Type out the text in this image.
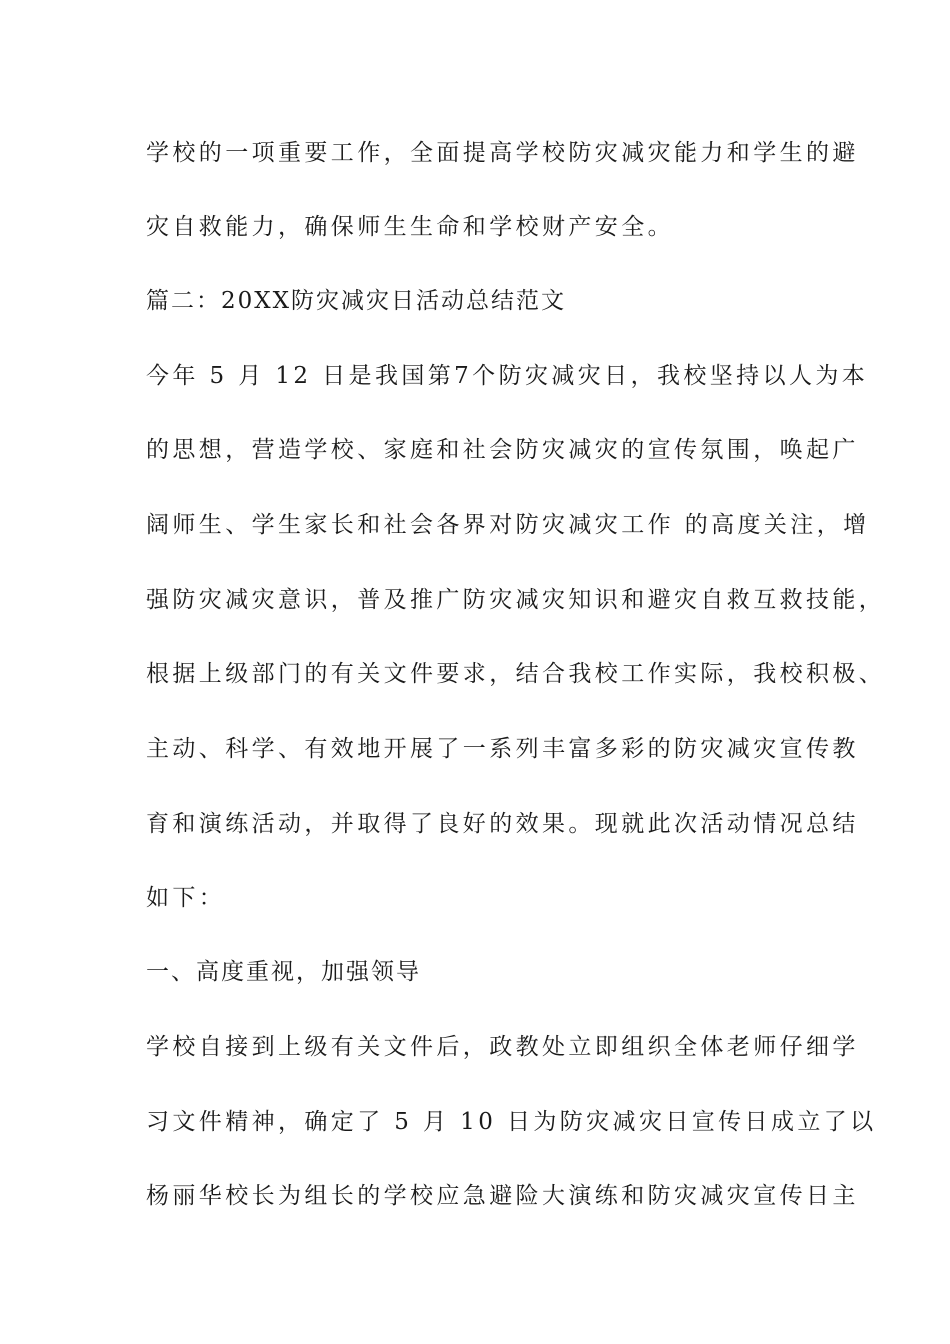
学校的一项重要工作，全面提高学校防灾减灾能力和学生的避
灾自救能力，确保师生生命和学校财产安全。
篇二：20XX防灾减灾日活动总结范文
今年 5 月 12 日是我国第7个防灾减灾日，我校坚持以人为本
的思想，营造学校、家庭和社会防灾减灾的宣传氛围，唤起广
阔师生、学生家长和社会各界对防灾减灾工作 的高度关注，增
强防灾减灾意识，普及推广防灾减灾知识和避灾自救互救技能，
根据上级部门的有关文件要求，结合我校工作实际，我校积极、
主动、科学、有效地开展了一系列丰富多彩的防灾减灾宣传教
育和演练活动，并取得了良好的效果。现就此次活动情况总结
如下：
一、高度重视，加强领导
学校自接到上级有关文件后，政教处立即组织全体老师仔细学
习文件精神，确定了 5 月 10 日为防灾减灾日宣传日成立了以
杨丽华校长为组长的学校应急避险大演练和防灾减灾宣传日主
